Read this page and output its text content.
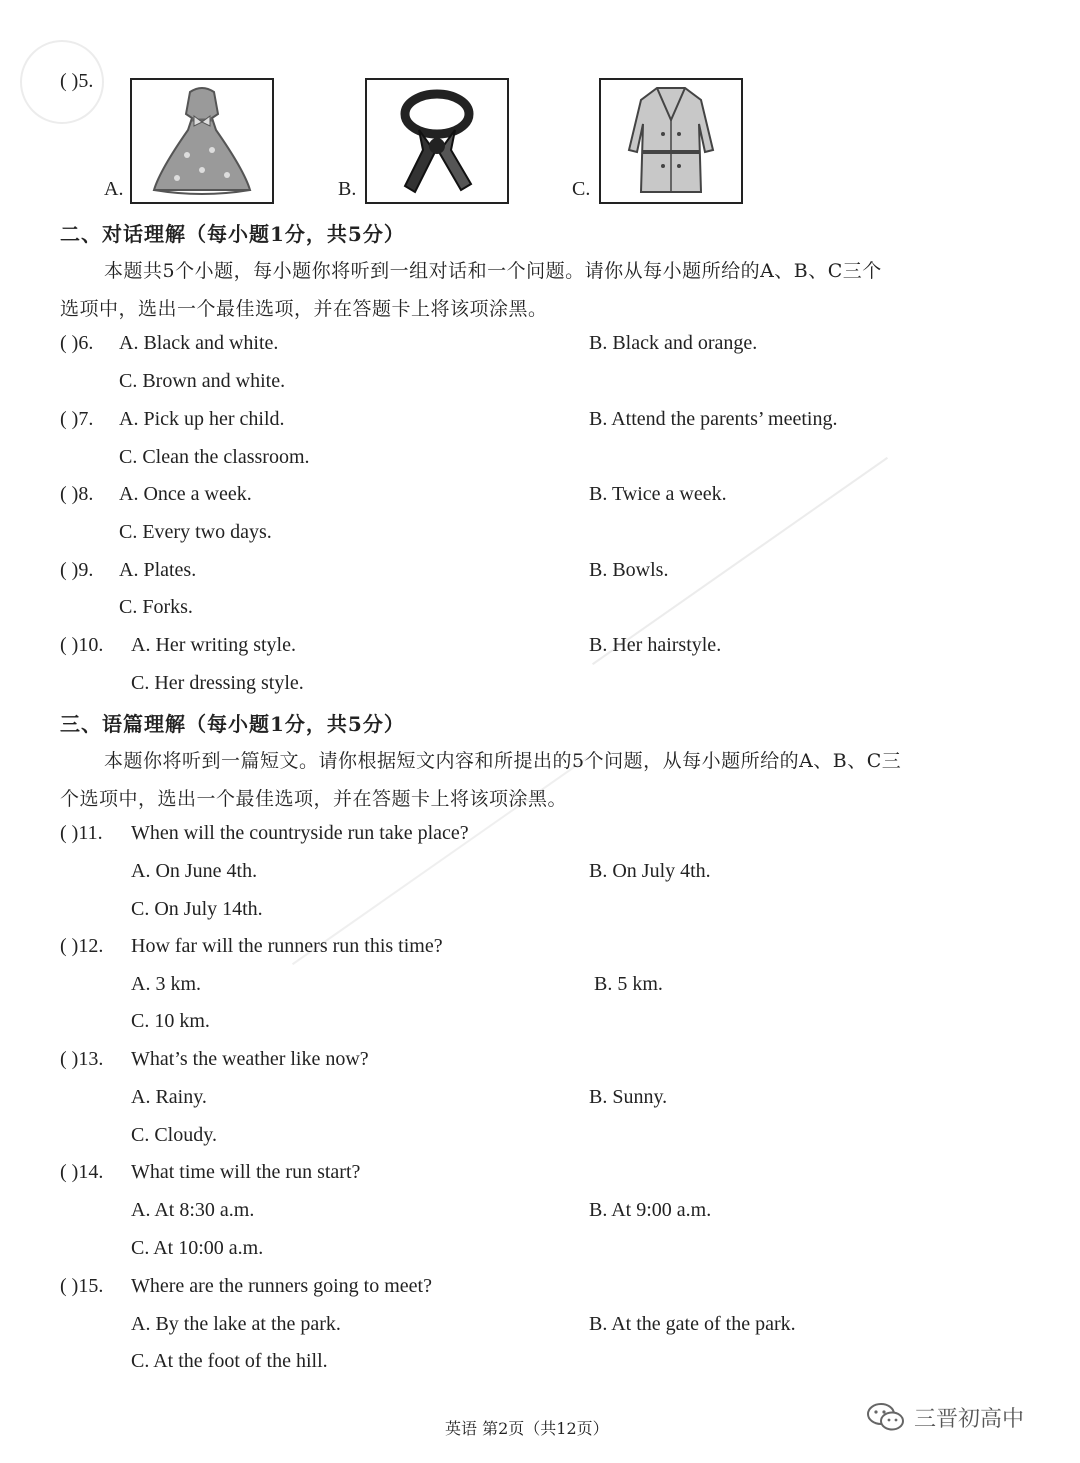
( )5.
A.	B.	C.
二、对话理解（每小题1分，共5分）
本题共5个小题，每小题你将听到一组对话和一个问题。请你从每小题所给的A、B、C三个
选项中，选出一个最佳选项，并在答题卡上将该项涂黑。
( )6. A. Black and white.	B. Black and orange.
C. Brown and white.
( )7. A. Pick up her child.	B. Attend the parents’ meeting.
C. Clean the classroom.
( )8. A. Once a week.	B. Twice a week.
C. Every two days.
( )9. A. Plates.	B. Bowls.
C. Forks.
( )10. A. Her writing style.	B. Her hairstyle.
C. Her dressing style.
三、语篇理解（每小题1分，共5分）
本题你将听到一篇短文。请你根据短文内容和所提出的5个问题，从每小题所给的A、B、C三
个选项中，选出一个最佳选项，并在答题卡上将该项涂黑。
( )11. When will the countryside run take place?
A. On June 4th.	B. On July 4th.
C. On July 14th.
( )12. How far will the runners run this time?
A. 3 km.	B. 5 km.
C. 10 km.
( )13. What’s the weather like now?
A. Rainy.	B. Sunny.
C. Cloudy.
( )14. What time will the run start?
A. At 8:30 a.m.	B. At 9:00 a.m.
C. At 10:00 a.m.
( )15. Where are the runners going to meet?
A. By the lake at the park.	B. At the gate of the park.
C. At the foot of the hill.
英语 第2页（共12页）	三晋初高中
